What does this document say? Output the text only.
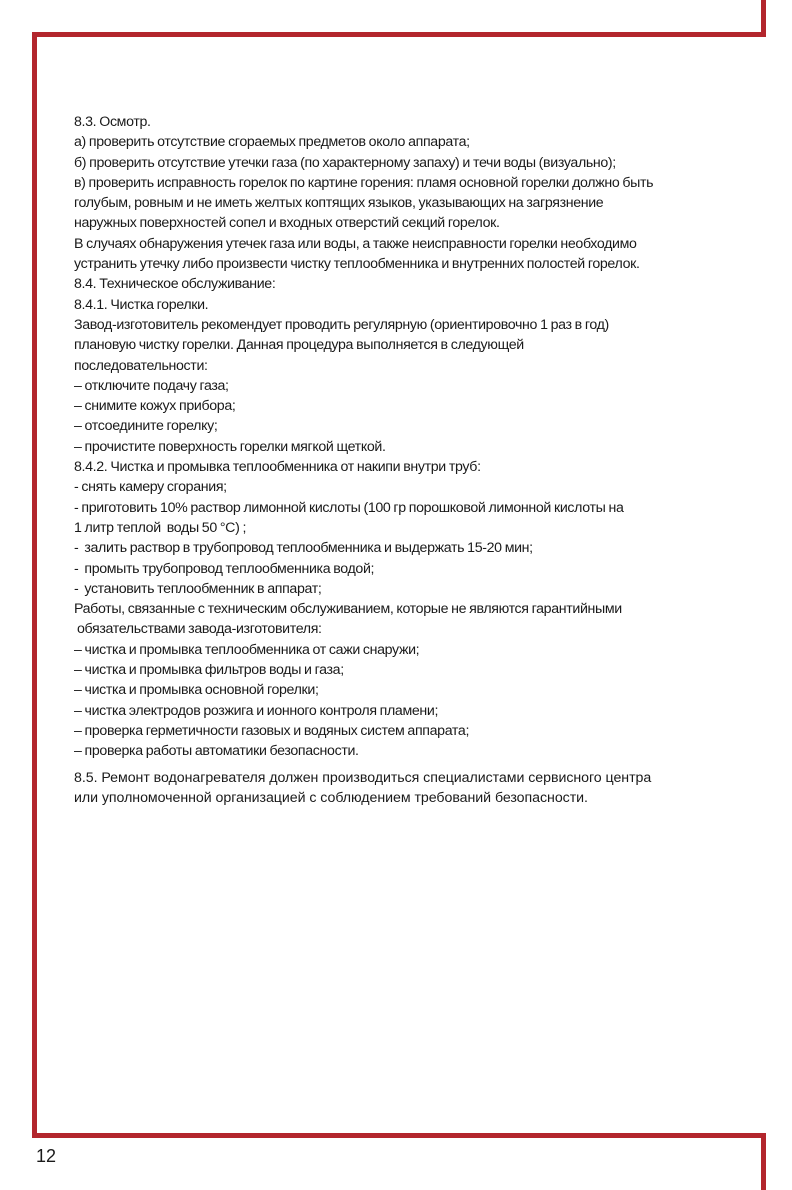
8.3. Осмотр.
а) проверить отсутствие сгораемых предметов около аппарата;
б) проверить отсутствие утечки газа (по характерному запаху) и течи воды (визуально);
в) проверить исправность горелок по картине горения: пламя основной горелки должно быть
голубым, ровным и не иметь желтых коптящих языков, указывающих на загрязнение
наружных поверхностей сопел и входных отверстий секций горелок.
В случаях обнаружения утечек газа или воды, а также неисправности горелки необходимо
устранить утечку либо произвести чистку теплообменника и внутренних полостей горелок.
8.4. Техническое обслуживание:
8.4.1. Чистка горелки.
Завод-изготовитель рекомендует проводить регулярную (ориентировочно 1 раз в год)
плановую чистку горелки. Данная процедура выполняется в следующей
последовательности:
– отключите подачу газа;
– снимите кожух прибора;
– отсоедините горелку;
– прочистите поверхность горелки мягкой щеткой.
8.4.2. Чистка и промывка теплообменника от накипи внутри труб:
- снять камеру сгорания;
- приготовить 10% раствор лимонной кислоты (100 гр порошковой лимонной кислоты на
1 литр теплой  воды 50 °С) ;
-  залить раствор в трубопровод теплообменника и выдержать 15-20 мин;
-  промыть трубопровод теплообменника водой;
-  установить теплообменник в аппарат;
Работы, связанные с техническим обслуживанием, которые не являются гарантийными
обязательствами завода-изготовителя:
– чистка и промывка теплообменника от сажи снаружи;
– чистка и промывка фильтров воды и газа;
– чистка и промывка основной горелки;
– чистка электродов розжига и ионного контроля пламени;
– проверка герметичности газовых и водяных систем аппарата;
– проверка работы автоматики безопасности.
8.5. Ремонт водонагревателя должен производиться специалистами сервисного центра
или уполномоченной организацией с соблюдением требований безопасности.
12
